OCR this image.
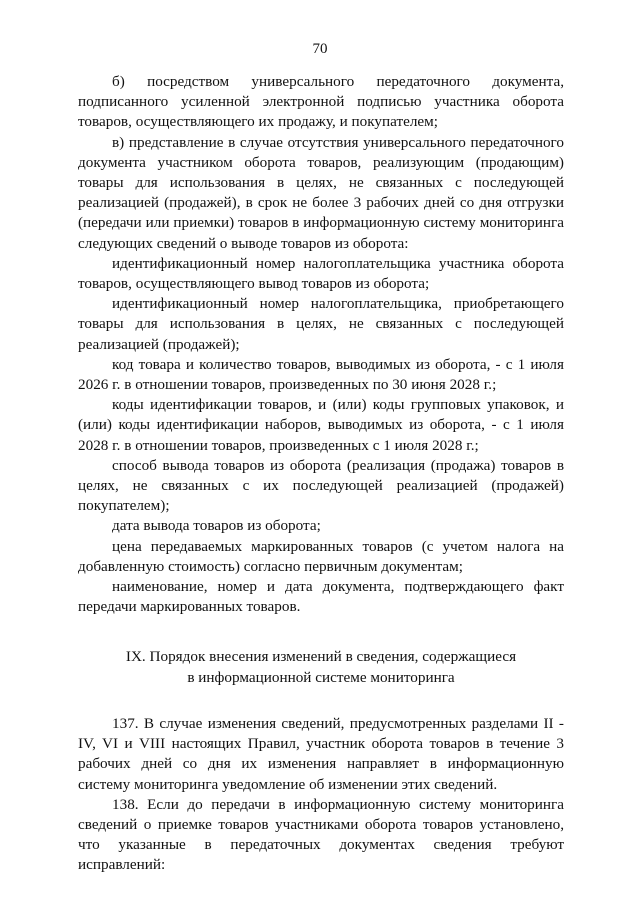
70

б) посредством универсального передаточного документа, подписанного усиленной электронной подписью участника оборота товаров, осуществляющего их продажу, и покупателем;

в) представление в случае отсутствия универсального передаточного документа участником оборота товаров, реализующим (продающим) товары для использования в целях, не связанных с последующей реализацией (продажей), в срок не более 3 рабочих дней со дня отгрузки (передачи или приемки) товаров в информационную систему мониторинга следующих сведений о выводе товаров из оборота:

идентификационный номер налогоплательщика участника оборота товаров, осуществляющего вывод товаров из оборота;

идентификационный номер налогоплательщика, приобретающего товары для использования в целях, не связанных с последующей реализацией (продажей);

код товара и количество товаров, выводимых из оборота, - с 1 июля 2026 г. в отношении товаров, произведенных по 30 июня 2028 г.;

коды идентификации товаров, и (или) коды групповых упаковок, и (или) коды идентификации наборов, выводимых из оборота, - с 1 июля 2028 г. в отношении товаров, произведенных с 1 июля 2028 г.;

способ вывода товаров из оборота (реализация (продажа) товаров в целях, не связанных с их последующей реализацией (продажей) покупателем);

дата вывода товаров из оборота;

цена передаваемых маркированных товаров (с учетом налога на добавленную стоимость) согласно первичным документам;

наименование, номер и дата документа, подтверждающего факт передачи маркированных товаров.

IX. Порядок внесения изменений в сведения, содержащиеся
в информационной системе мониторинга

137. В случае изменения сведений, предусмотренных разделами II - IV, VI и VIII настоящих Правил, участник оборота товаров в течение 3 рабочих дней со дня их изменения направляет в информационную систему мониторинга уведомление об изменении этих сведений.

138. Если до передачи в информационную систему мониторинга сведений о приемке товаров участниками оборота товаров установлено, что указанные в передаточных документах сведения требуют исправлений:
